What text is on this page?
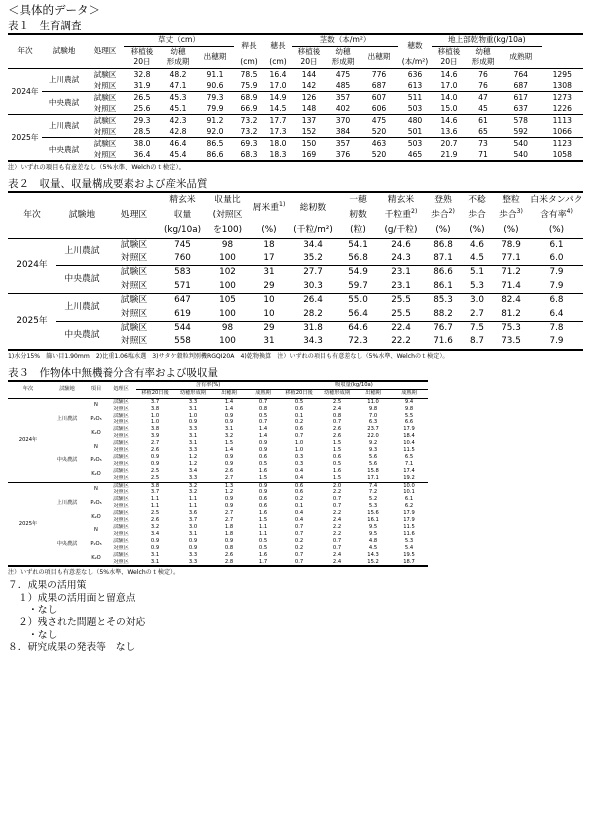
＜具体的データ＞
表１　生育調査
年次	試験地	処理区	草丈（cm）			稈長	穂長	茎数（本/m²）			穂数	地上部乾物重(kg/10a)			
			移植後	幼穂	出穂期			移植後	幼穂	出穂期		移植後	幼穂	成熟期	
			20日	形成期		(cm)	(cm)	20日	形成期		(本/m²)	20日	形成期		
2024年	上川農試	試験区	32.8	48.2	91.1	78.5	16.4	144	475	776	636	14.6	76	764	1295
		対照区	31.9	47.1	90.6	75.9	17.0	142	485	687	613	17.0	76	687	1308
	中央農試	試験区	26.5	45.3	79.3	68.9	14.9	126	357	607	511	14.0	47	617	1273
		対照区	25.6	45.1	79.9	66.9	14.5	148	402	606	503	15.0	45	637	1226
2025年	上川農試	試験区	29.3	42.3	91.2	73.2	17.7	137	370	475	480	14.6	61	578	1113
		対照区	28.5	42.8	92.0	73.2	17.3	152	384	520	501	13.6	65	592	1066
	中央農試	試験区	38.0	46.4	86.5	69.3	18.0	150	357	463	503	20.7	73	540	1123
		対照区	36.4	45.4	86.6	68.3	18.3	169	376	520	465	21.9	71	540	1058
注）いずれの項目も有意差なし（5%水準、Welchのｔ検定）。
表２　収量、収量構成要素および産米品質
年次	試験地	処理区	精玄米	収量比	屑米重$^{1)}$	総籾数	一穂	精玄米	登熟	不稔	整粒	白米タンパク
			収量	(対照区			籾数	千粒重$^{2)}$	歩合$^{2)}$	歩合	歩合$^{3)}$	含有率$^{4)}$
			(kg/10a)	を100)	(%)	(千粒/m²)	(粒)	(g/千粒)	(%)	(%)	(%)	(%)
2024年	上川農試	試験区	745	98	18	34.4	54.1	24.6	86.8	4.6	78.9	6.1
		対照区	760	100	17	35.2	56.8	24.3	87.1	4.5	77.1	6.0
	中央農試	試験区	583	102	31	27.7	54.9	23.1	86.6	5.1	71.2	7.9
		対照区	571	100	29	30.3	59.7	23.1	86.1	5.3	71.4	7.9
2025年	上川農試	試験区	647	105	10	26.4	55.0	25.5	85.3	3.0	82.4	6.8
		対照区	619	100	10	28.2	56.4	25.5	88.2	2.7	81.2	6.4
	中央農試	試験区	544	98	29	31.8	64.6	22.4	76.7	7.5	75.3	7.8
		対照区	558	100	31	34.3	72.3	22.2	71.6	8.7	73.5	7.9
1)水分15%　篩い目1.90mm　2)比重1.06塩水選　3)サタケ穀粒判別機RGQI20A　4)乾物換算　注）いずれの項目も有意差なし（5%水準、Welchのｔ検定）。
表３　作物体中無機養分含有率および吸収量
年次	試験地	項目	処理区	含有率(%)				吸収量(kg/10a)			
				移植20日後	幼穂形成期	出穂期	成熟期	移植20日後	幼穂形成期	出穂期	成熟期
2024年	上川農試	N	試験区	3.7	3.3	1.4	0.7	0.5	2.5	11.0	9.4
			対照区	3.8	3.1	1.4	0.8	0.6	2.4	9.8	9.8
		P₂O₅	試験区	1.0	1.0	0.9	0.5	0.1	0.8	7.0	5.5
			対照区	1.0	0.9	0.9	0.7	0.2	0.7	6.3	6.6
		K₂O	試験区	3.8	3.3	3.1	1.4	0.6	2.6	23.7	17.9
			対照区	3.9	3.1	3.2	1.4	0.7	2.6	22.0	18.4
	中央農試	N	試験区	2.7	3.1	1.5	0.9	1.0	1.5	9.2	10.4
			対照区	2.6	3.3	1.4	0.9	1.0	1.5	9.3	11.5
		P₂O₅	試験区	0.9	1.2	0.9	0.6	0.3	0.6	5.6	6.5
			対照区	0.9	1.2	0.9	0.5	0.3	0.5	5.6	7.1
		K₂O	試験区	2.5	3.4	2.6	1.6	0.4	1.6	15.8	17.4
			対照区	2.5	3.3	2.7	1.5	0.4	1.5	17.1	19.2
2025年	上川農試	N	試験区	3.8	3.2	1.3	0.9	0.6	2.0	7.4	10.0
			対照区	3.7	3.2	1.2	0.9	0.6	2.2	7.2	10.1
		P₂O₅	試験区	1.1	1.1	0.9	0.6	0.2	0.7	5.2	6.1
			対照区	1.1	1.1	0.9	0.6	0.1	0.7	5.3	6.2
		K₂O	試験区	2.5	3.6	2.7	1.6	0.4	2.2	15.6	17.9
			対照区	2.6	3.7	2.7	1.5	0.4	2.4	16.1	17.9
	中央農試	N	試験区	3.2	3.0	1.8	1.1	0.7	2.2	9.5	11.5
			対照区	3.4	3.1	1.8	1.1	0.7	2.2	9.5	11.6
		P₂O₅	試験区	0.9	0.9	0.9	0.5	0.2	0.7	4.8	5.3
			対照区	0.9	0.9	0.8	0.5	0.2	0.7	4.5	5.4
		K₂O	試験区	3.1	3.3	2.6	1.6	0.7	2.4	14.3	19.5
			対照区	3.1	3.3	2.8	1.7	0.7	2.4	15.2	18.7
注）いずれの項目も有意差なし（5%水準、Welchのｔ検定）。
７．成果の活用策
１）成果の活用面と留意点
・なし
２）残された問題とその対応
・なし
８．研究成果の発表等　なし
